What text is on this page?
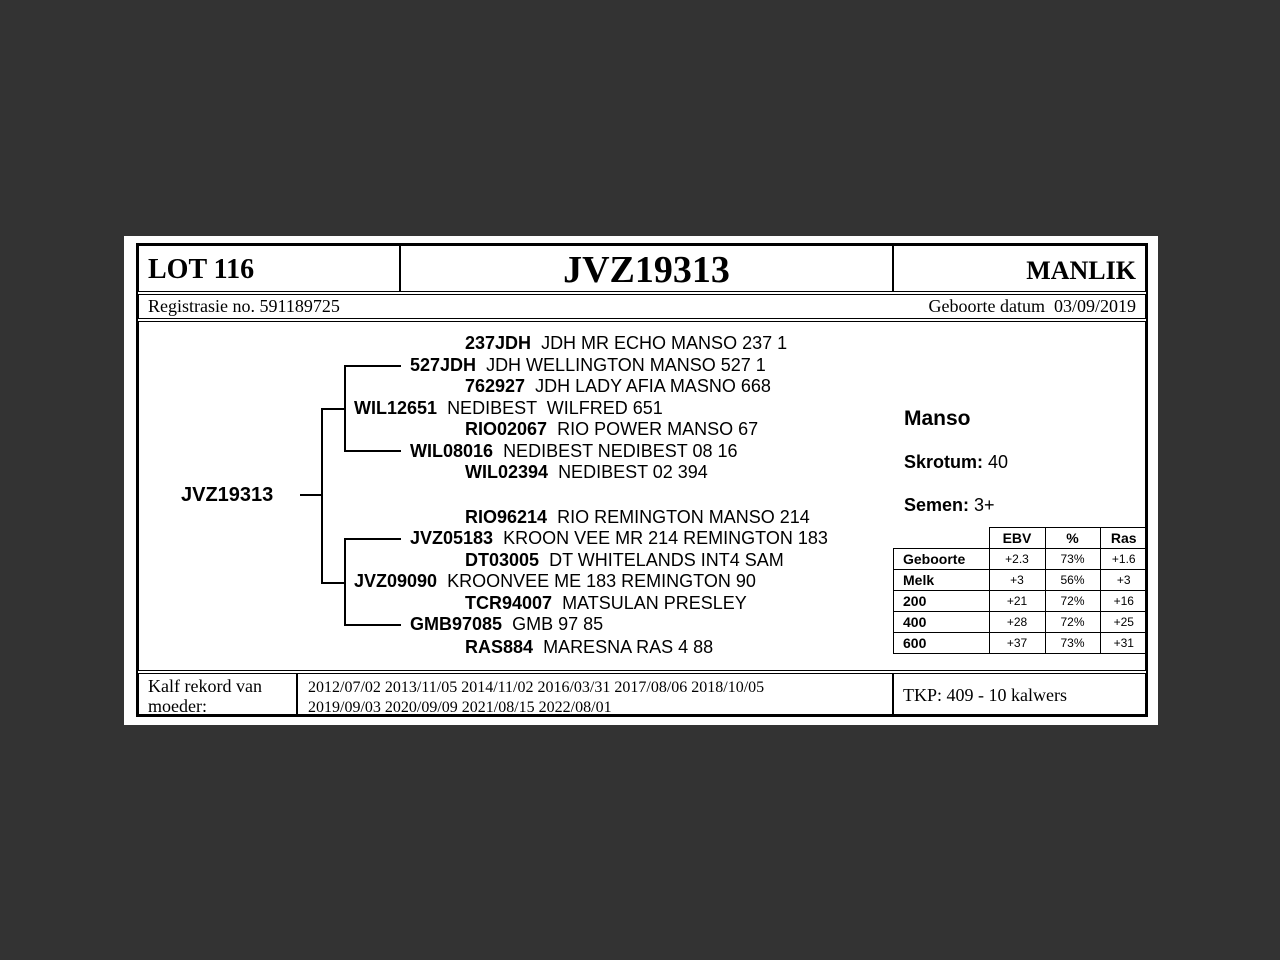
LOT 116	JVZ19313	MANLIK
Registrasie no. 591189725	Geboorte datum 03/09/2019
JVZ19313
237JDH JDH MR ECHO MANSO 237 1
527JDH JDH WELLINGTON MANSO 527 1
762927 JDH LADY AFIA MASNO 668
WIL12651 NEDIBEST  WILFRED 651
RIO02067 RIO POWER MANSO 67
WIL08016 NEDIBEST NEDIBEST 08 16
WIL02394 NEDIBEST 02 394
RIO96214 RIO REMINGTON MANSO 214
JVZ05183 KROON VEE MR 214 REMINGTON 183
DT03005 DT WHITELANDS INT4 SAM
JVZ09090 KROONVEE ME 183 REMINGTON 90
TCR94007 MATSULAN PRESLEY
GMB97085 GMB 97 85
RAS884 MARESNA RAS 4 88
Manso
Skrotum: 40
Semen: 3+
	EBV	%	Ras
Geboorte	+2.3	73%	+1.6
Melk	+3	56%	+3
200	+21	72%	+16
400	+28	72%	+25
600	+37	73%	+31
Kalf rekord van
moeder:
2012/07/02 2013/11/05 2014/11/02 2016/03/31 2017/08/06 2018/10/05
2019/09/03 2020/09/09 2021/08/15 2022/08/01
TKP: 409 - 10 kalwers
